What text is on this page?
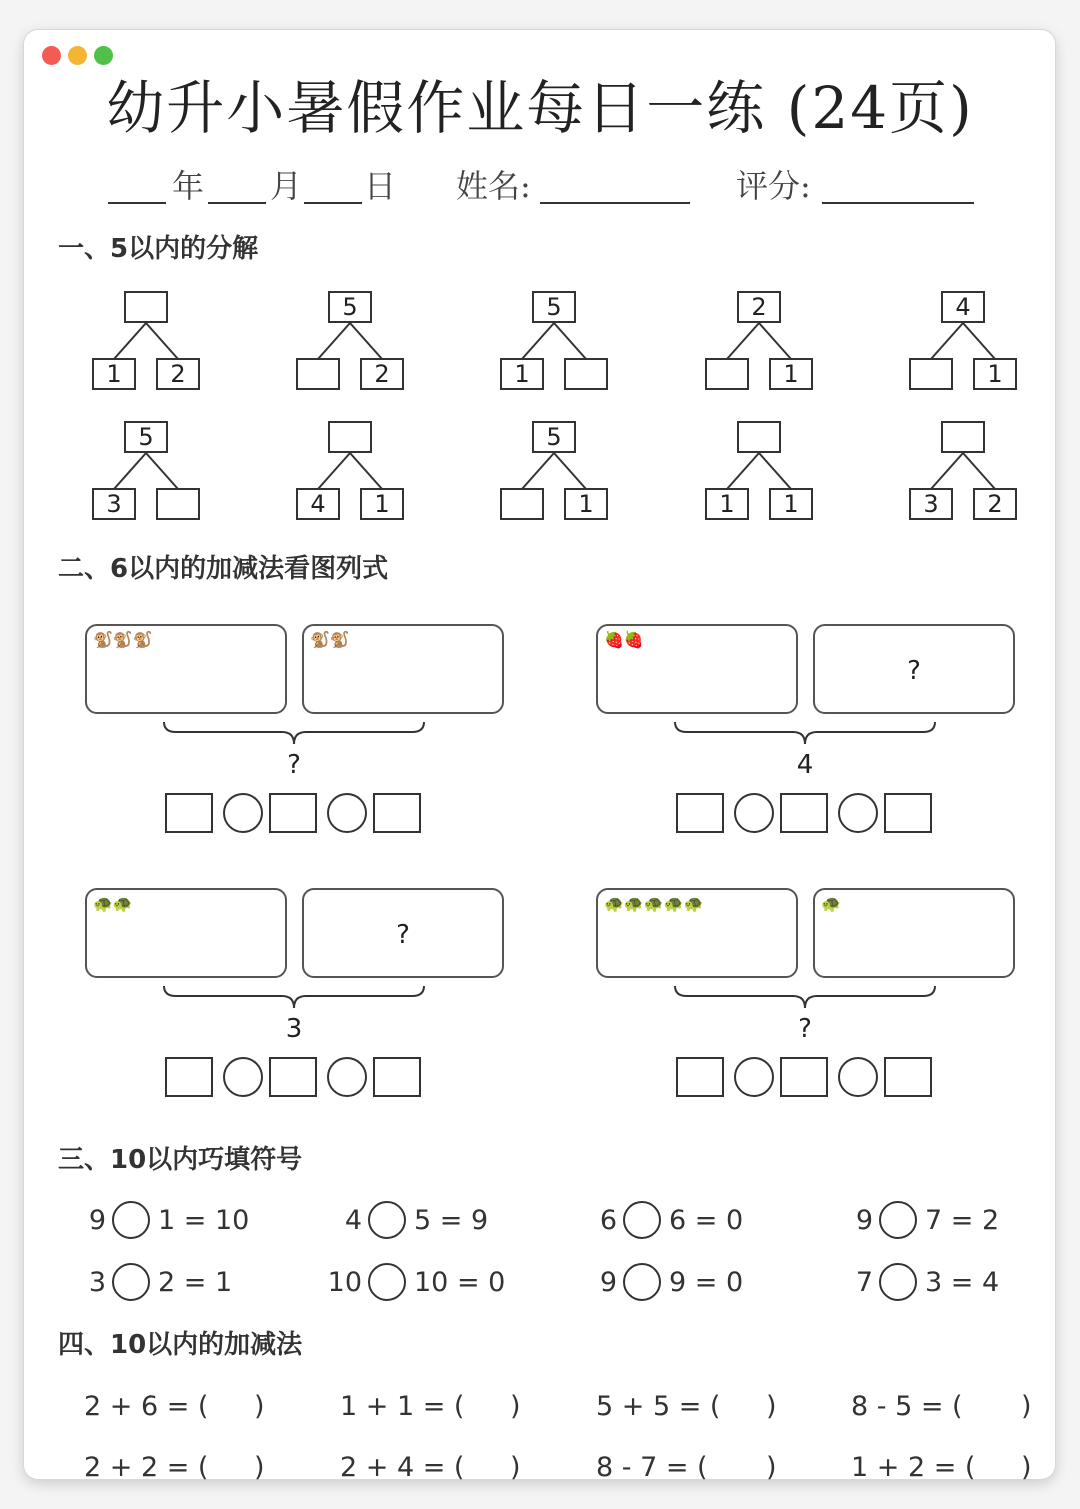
幼升小暑假作业每日一练 (24页)
年 月 日 姓名:	评分:
一、5以内的分解
1	2
5
2
5
1
2
1
4
1
5
3	4	1
5
1	1	1	3	2
二、6以内的加减法看图列式
🐒🐒🐒	🐒🐒
?
🍓🍓
?
4
🐢🐢
?
3
🐢🐢🐢🐢🐢	🐢
?
三、10以内巧填符号
9 1 = 10	4 5 = 9	6 6 = 0	9 7 = 2
3 2 = 1	10 10 = 0	9 9 = 0	7 3 = 4
四、10以内的加减法
2 + 6 = ( )	1 + 1 = ( )	5 + 5 = ( )	8 - 5 = ( )
2 + 2 = ( )	2 + 4 = ( )	8 - 7 = ( )	1 + 2 = ( )
